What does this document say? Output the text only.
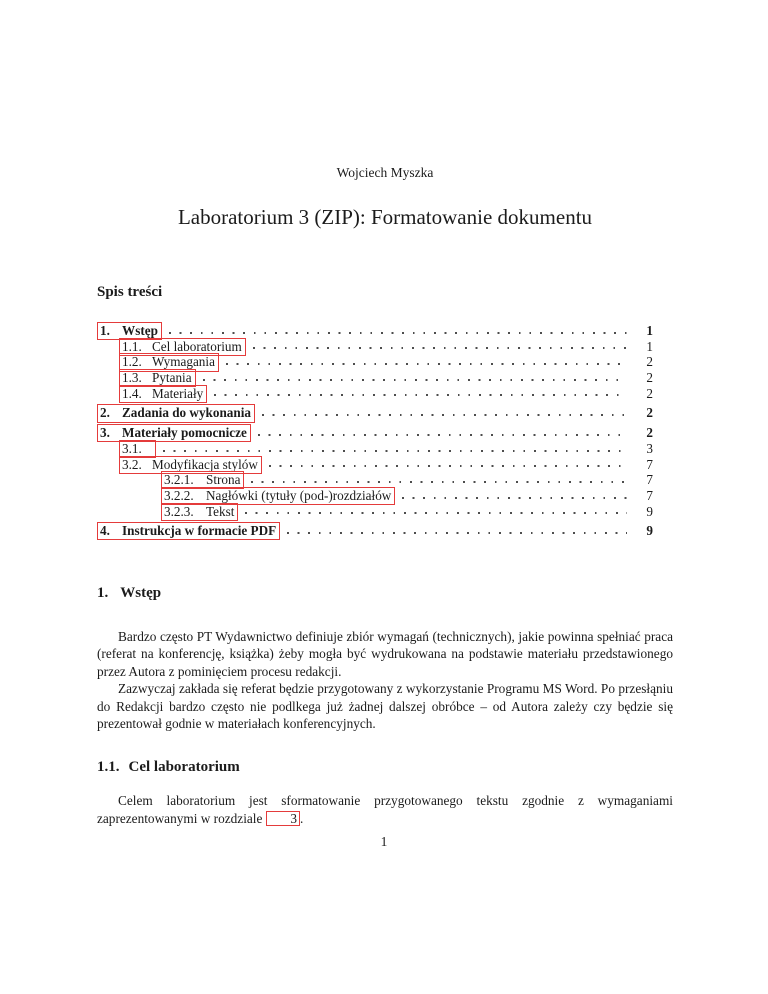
Wojciech Myszka
Laboratorium 3 (ZIP): Formatowanie dokumentu
Spis treści
1. Wstęp	1
1.1. Cel laboratorium	1
1.2. Wymagania	2
1.3. Pytania	2
1.4. Materiały	2
2. Zadania do wykonania	2
3. Materiały pomocnicze	2
3.1.	3
3.2. Modyfikacja stylów	7
3.2.1. Strona	7
3.2.2. Nagłówki (tytuły (pod-)rozdziałów	7
3.2.3. Tekst	9
4. Instrukcja w formacie PDF	9
1. Wstęp

Bardzo często PT Wydawnictwo definiuje zbiór wymagań (technicznych), jakie powinna spełniać praca (referat na konferencję, książka) żeby mogła być wydrukowana na podstawie materiału przedstawionego przez Autora z pominięciem procesu redakcji.

Zazwyczaj zakłada się referat będzie przygotowany z wykorzystanie Programu MS Word. Po przesłąniu do Redakcji bardzo często nie podlkega już żadnej dalszej obróbce – od Autora zależy czy będzie się prezentował godnie w materiałach konferencyjnych.

1.1. Cel laboratorium

Celem laboratorium jest sformatowanie przygotowanego tekstu zgodnie z wymaganiami zaprezentowanymi w rozdziale 3 .

1
